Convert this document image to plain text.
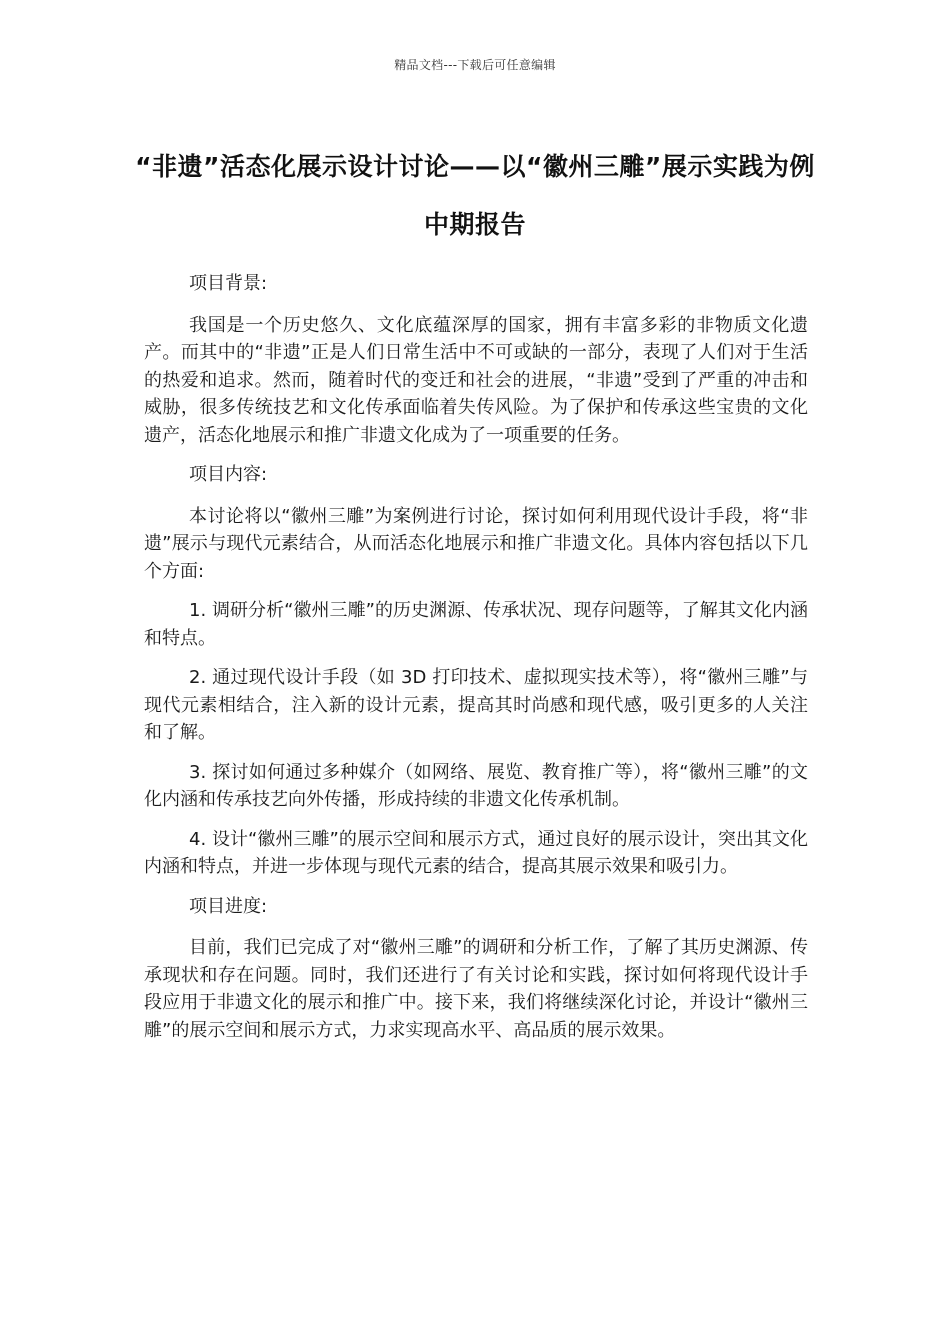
精品文档---下载后可任意编辑
“非遗”活态化展示设计讨论——以“徽州三雕”展示实践为例中期报告

项目背景:

我国是一个历史悠久、文化底蕴深厚的国家，拥有丰富多彩的非物质文化遗产。而其中的“非遗”正是人们日常生活中不可或缺的一部分，表现了人们对于生活的热爱和追求。然而，随着时代的变迁和社会的进展，“非遗”受到了严重的冲击和威胁，很多传统技艺和文化传承面临着失传风险。为了保护和传承这些宝贵的文化遗产，活态化地展示和推广非遗文化成为了一项重要的任务。

项目内容:

本讨论将以“徽州三雕”为案例进行讨论，探讨如何利用现代设计手段，将“非遗”展示与现代元素结合，从而活态化地展示和推广非遗文化。具体内容包括以下几个方面:

1. 调研分析“徽州三雕”的历史渊源、传承状况、现存问题等，了解其文化内涵和特点。

2. 通过现代设计手段（如 3D 打印技术、虚拟现实技术等），将“徽州三雕”与现代元素相结合，注入新的设计元素，提高其时尚感和现代感，吸引更多的人关注和了解。

3. 探讨如何通过多种媒介（如网络、展览、教育推广等），将“徽州三雕”的文化内涵和传承技艺向外传播，形成持续的非遗文化传承机制。

4. 设计“徽州三雕”的展示空间和展示方式，通过良好的展示设计，突出其文化内涵和特点，并进一步体现与现代元素的结合，提高其展示效果和吸引力。

项目进度:

目前，我们已完成了对“徽州三雕”的调研和分析工作，了解了其历史渊源、传承现状和存在问题。同时，我们还进行了有关讨论和实践，探讨如何将现代设计手段应用于非遗文化的展示和推广中。接下来，我们将继续深化讨论，并设计“徽州三雕”的展示空间和展示方式，力求实现高水平、高品质的展示效果。
